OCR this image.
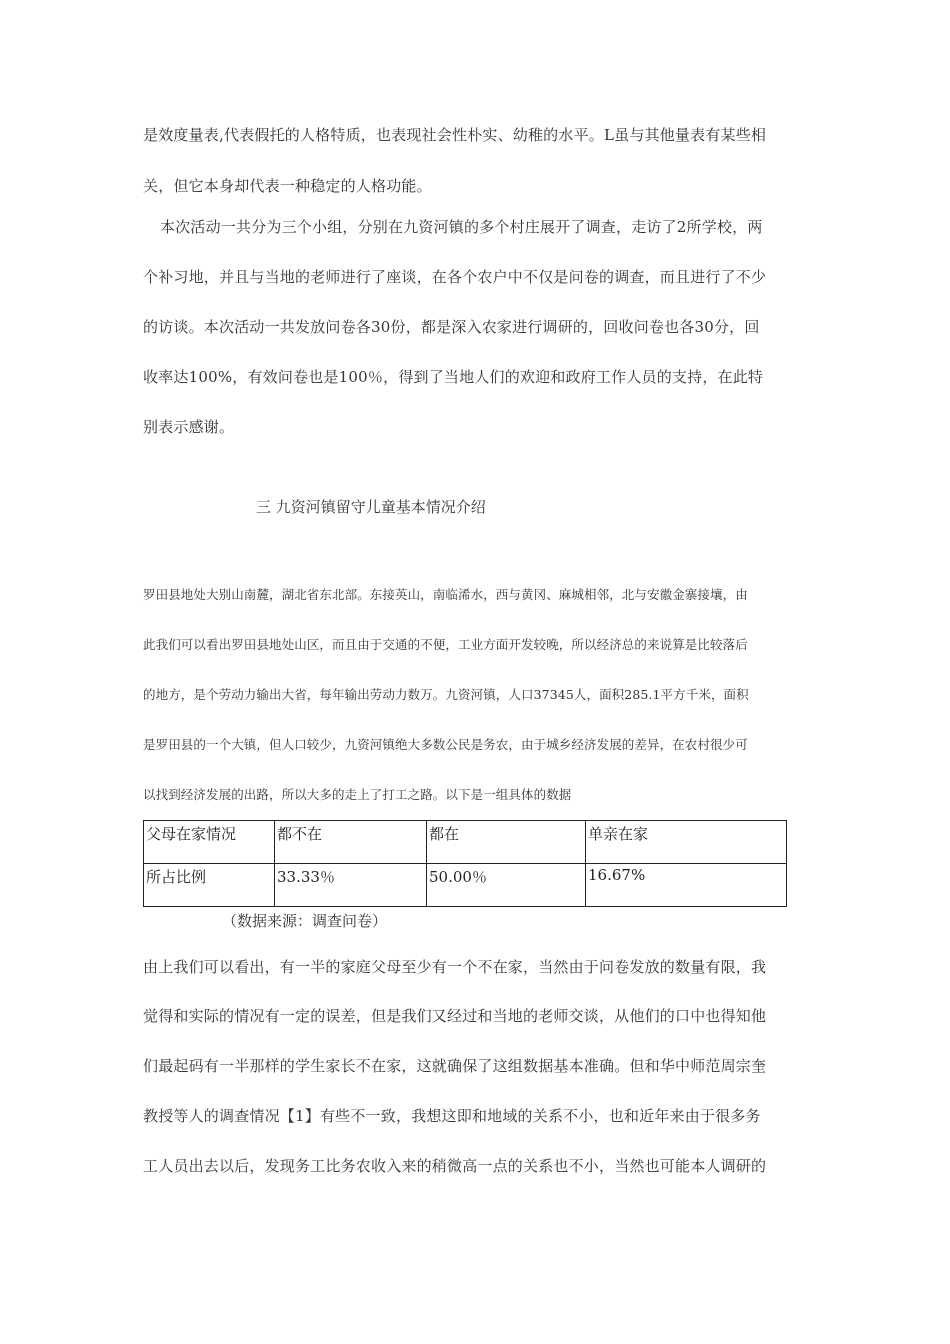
是效度量表,代表假托的人格特质，也表现社会性朴实、幼稚的水平。L虽与其他量表有某些相
关，但它本身却代表一种稳定的人格功能。
本次活动一共分为三个小组，分别在九资河镇的多个村庄展开了调查，走访了2所学校，两
个补习地，并且与当地的老师进行了座谈，在各个农户中不仅是问卷的调查，而且进行了不少
的访谈。本次活动一共发放问卷各30份，都是深入农家进行调研的，回收问卷也各30分，回
收率达100%，有效问卷也是100％，得到了当地人们的欢迎和政府工作人员的支持，在此特
别表示感谢。
三 九资河镇留守儿童基本情况介绍
罗田县地处大别山南麓，湖北省东北部。东接英山，南临浠水，西与黄冈、麻城相邻，北与安徽金寨接壤，由
此我们可以看出罗田县地处山区，而且由于交通的不便，工业方面开发较晚，所以经济总的来说算是比较落后
的地方，是个劳动力输出大省，每年输出劳动力数万。九资河镇，人口37345人，面积285.1平方千米，面积
是罗田县的一个大镇，但人口较少，九资河镇绝大多数公民是务农，由于城乡经济发展的差异，在农村很少可
以找到经济发展的出路，所以大多的走上了打工之路。以下是一组具体的数据
父母在家情况	都不在	都在	单亲在家
所占比例	33.33％	50.00％	16.67%
（数据来源：调查问卷）
由上我们可以看出，有一半的家庭父母至少有一个不在家，当然由于问卷发放的数量有限，我
觉得和实际的情况有一定的误差，但是我们又经过和当地的老师交谈，从他们的口中也得知他
们最起码有一半那样的学生家长不在家，这就确保了这组数据基本准确。但和华中师范周宗奎
教授等人的调查情况【1】有些不一致，我想这即和地域的关系不小，也和近年来由于很多务
工人员出去以后，发现务工比务农收入来的稍微高一点的关系也不小，当然也可能本人调研的
